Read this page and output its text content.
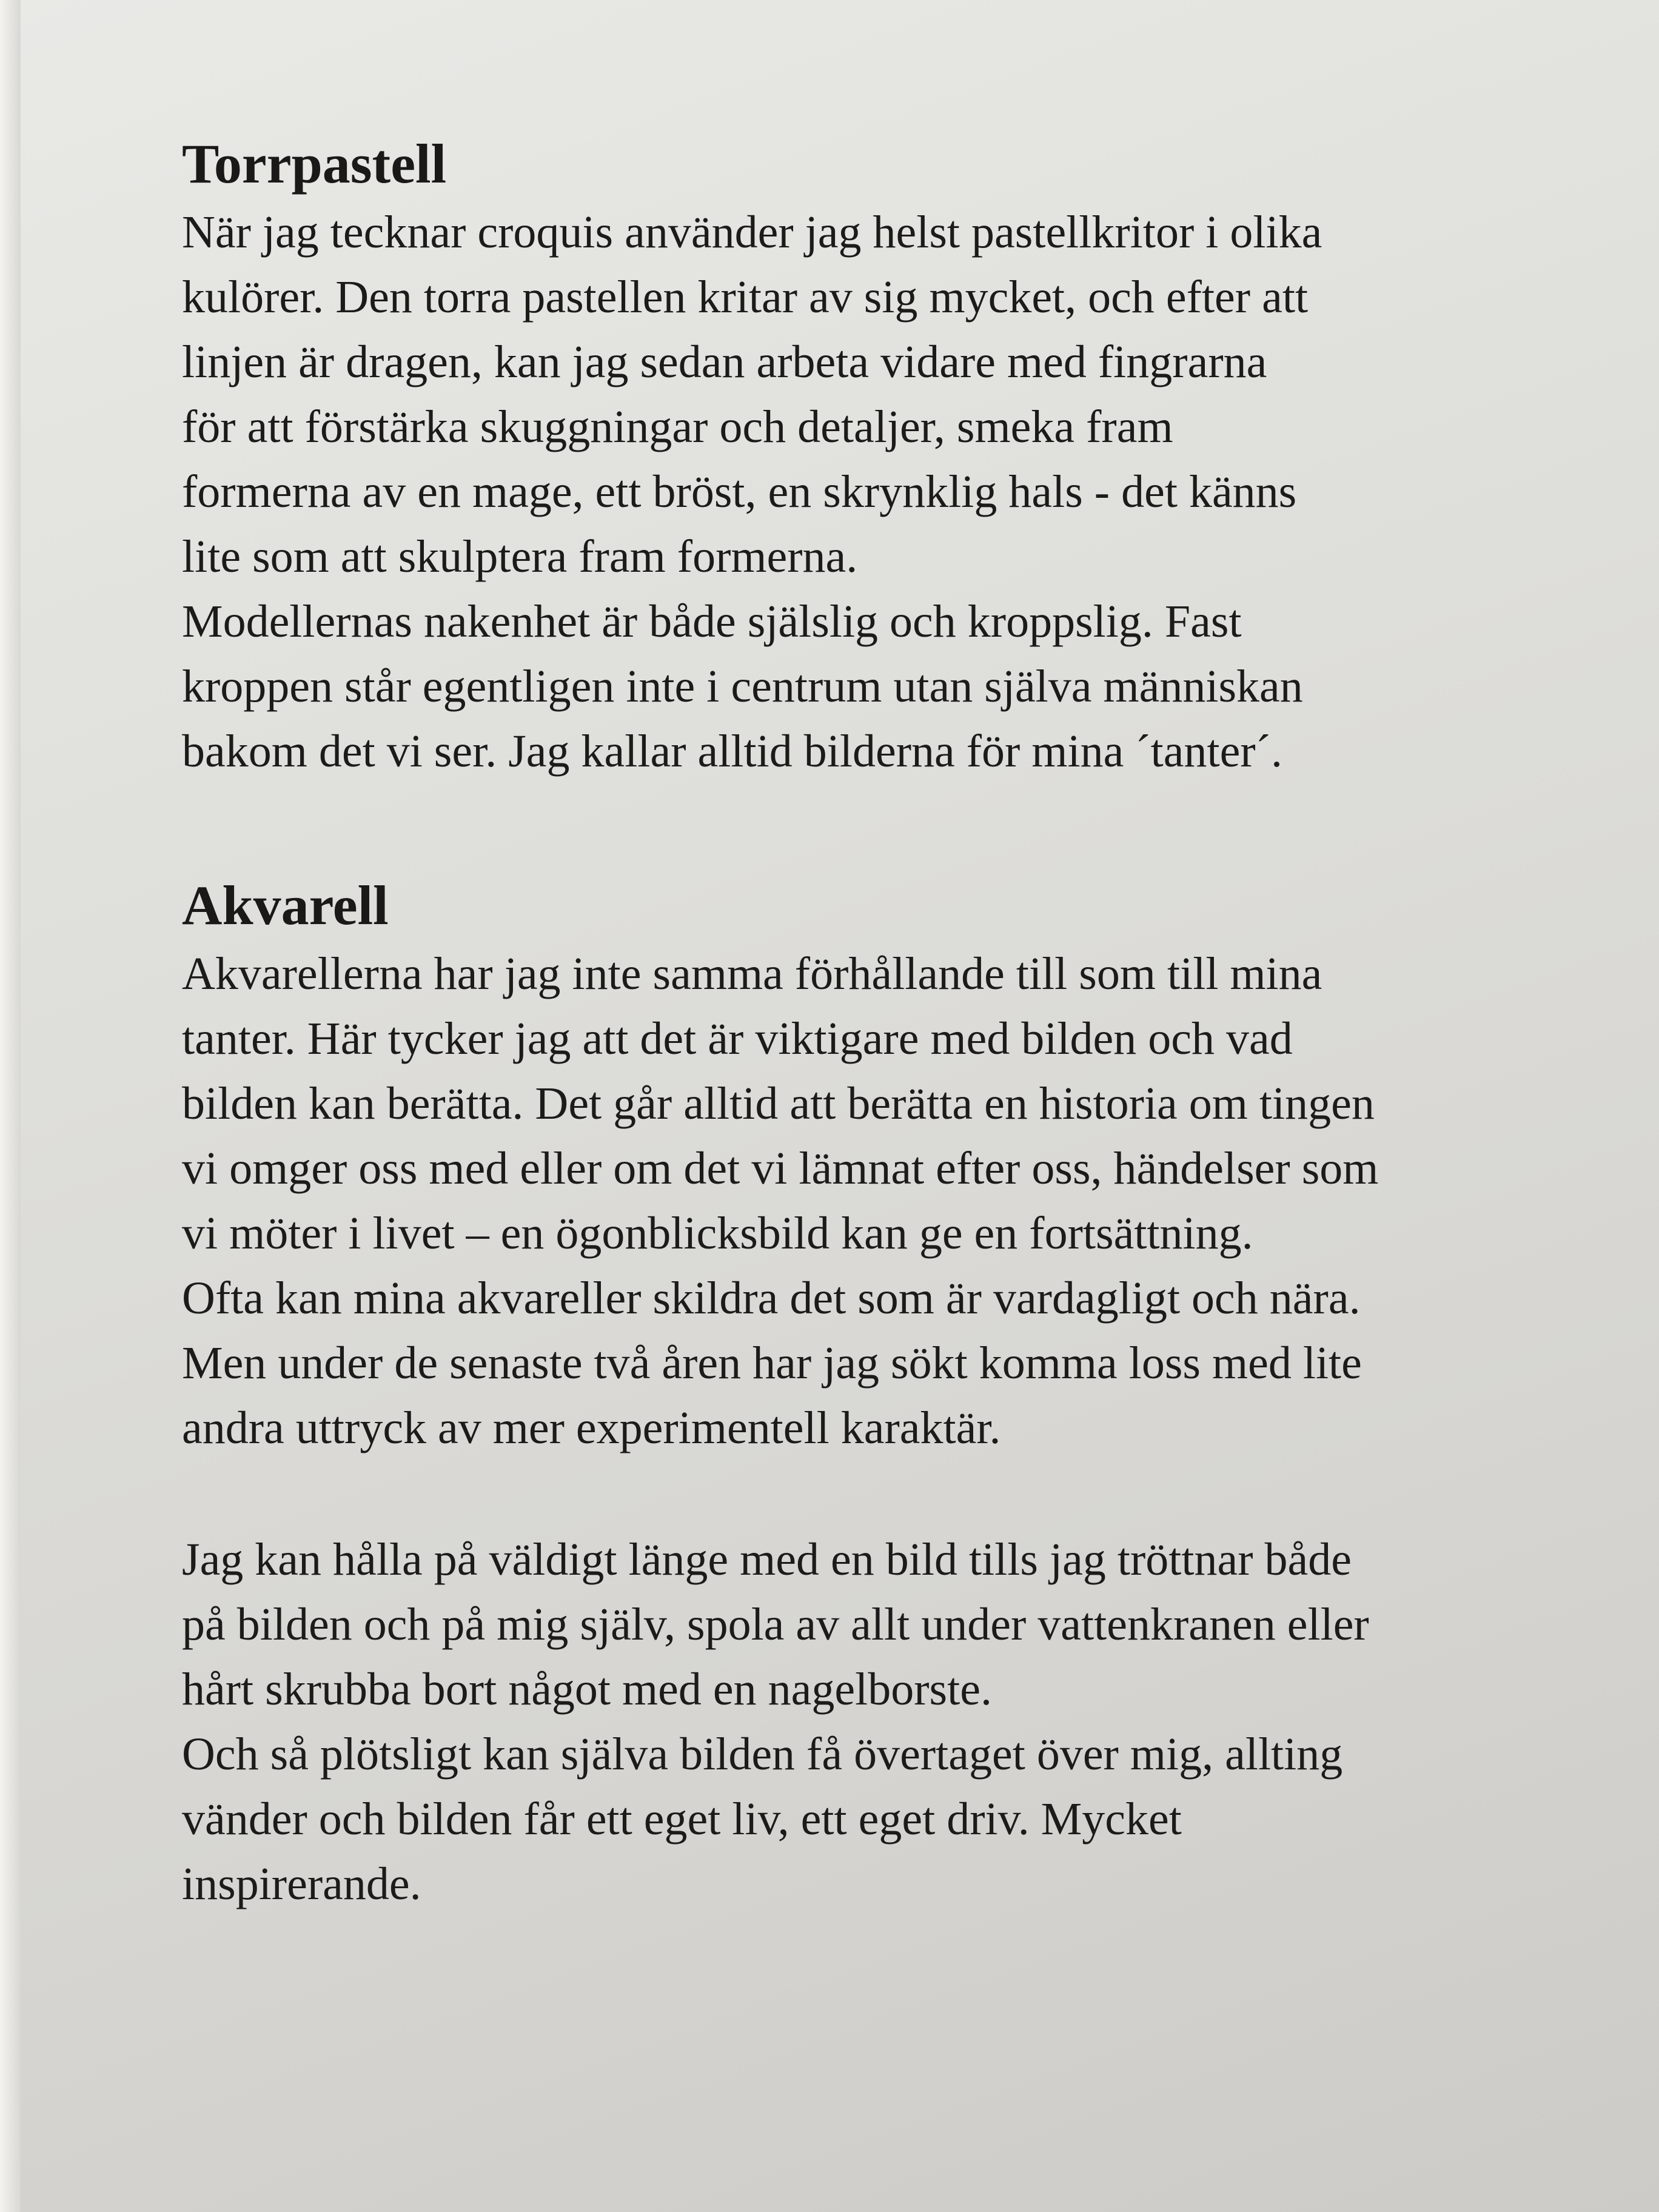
Torrpastell

När jag tecknar croquis använder jag helst pastellkritor i olika
kulörer. Den torra pastellen kritar av sig mycket, och efter att
linjen är dragen, kan jag sedan arbeta vidare med fingrarna
för att förstärka skuggningar och detaljer, smeka fram
formerna av en mage, ett bröst, en skrynklig hals - det känns
lite som att skulptera fram formerna.

Modellernas nakenhet är både själslig och kroppslig. Fast
kroppen står egentligen inte i centrum utan själva människan
bakom det vi ser. Jag kallar alltid bilderna för mina ´tanter´.

Akvarell

Akvarellerna har jag inte samma förhållande till som till mina
tanter. Här tycker jag att det är viktigare med bilden och vad
bilden kan berätta. Det går alltid att berätta en historia om tingen
vi omger oss med eller om det vi lämnat efter oss, händelser som
vi möter i livet – en ögonblicksbild kan ge en fortsättning.

Ofta kan mina akvareller skildra det som är vardagligt och nära.
Men under de senaste två åren har jag sökt komma loss med lite
andra uttryck av mer experimentell karaktär.

Jag kan hålla på väldigt länge med en bild tills jag tröttnar både
på bilden och på mig själv, spola av allt under vattenkranen eller
hårt skrubba bort något med en nagelborste.

Och så plötsligt kan själva bilden få övertaget över mig, allting
vänder och bilden får ett eget liv, ett eget driv. Mycket
inspirerande.
